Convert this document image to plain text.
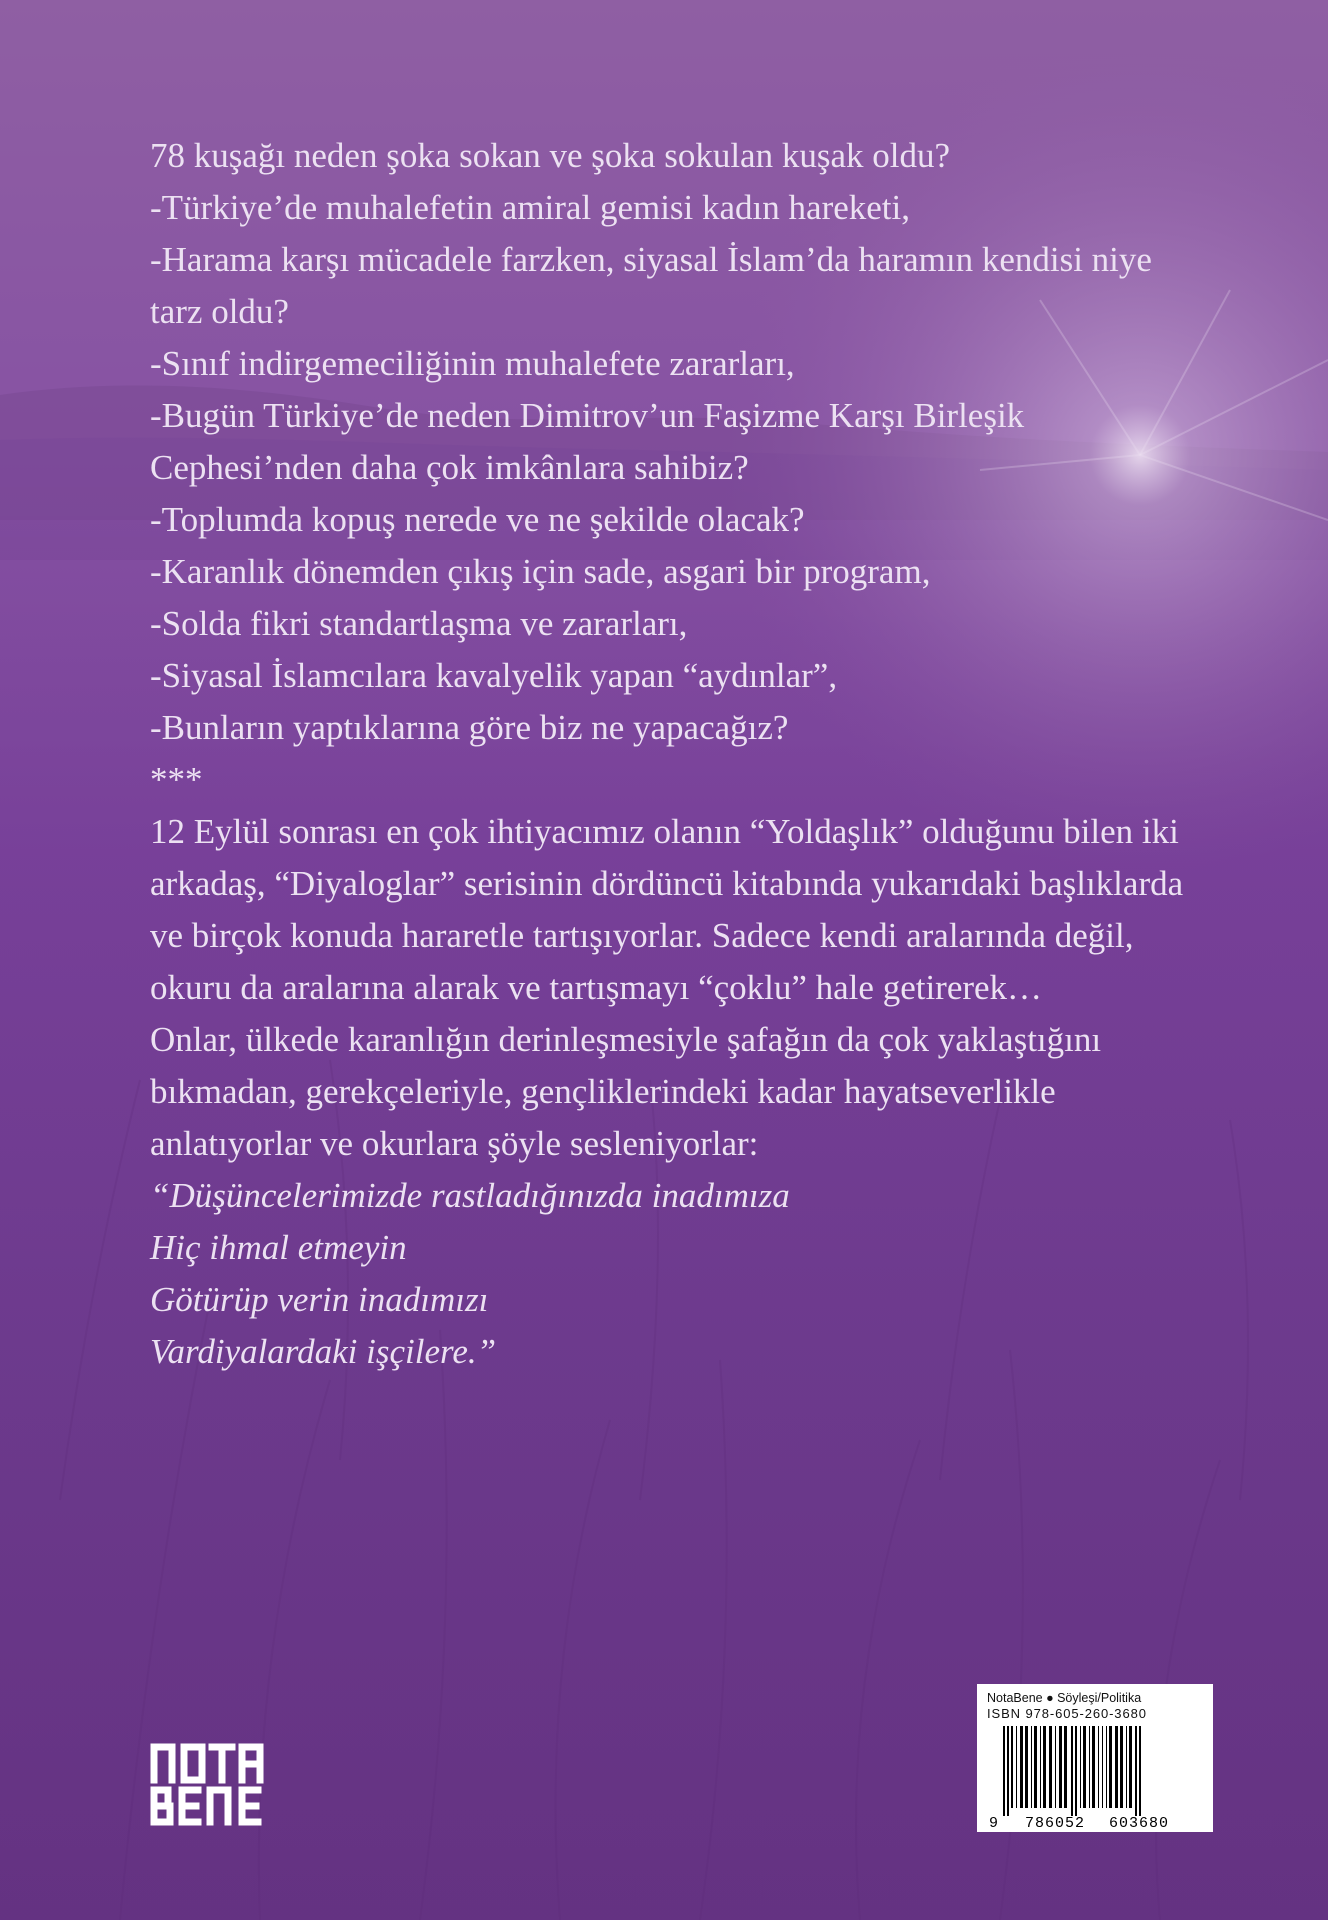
78 kuşağı neden şoka sokan ve şoka sokulan kuşak oldu?

-Türkiye’de muhalefetin amiral gemisi kadın hareketi,

-Harama karşı mücadele farzken, siyasal İslam’da haramın kendisi niye

tarz oldu?

-Sınıf indirgemeciliğinin muhalefete zararları,

-Bugün Türkiye’de neden Dimitrov’un Faşizme Karşı Birleşik

Cephesi’nden daha çok imkânlara sahibiz?

-Toplumda kopuş nerede ve ne şekilde olacak?

-Karanlık dönemden çıkış için sade, asgari bir program,

-Solda fikri standartlaşma ve zararları,

-Siyasal İslamcılara kavalyelik yapan “aydınlar”,

-Bunların yaptıklarına göre biz ne yapacağız?

***

12 Eylül sonrası en çok ihtiyacımız olanın “Yoldaşlık” olduğunu bilen iki

arkadaş, “Diyaloglar” serisinin dördüncü kitabında yukarıdaki başlıklarda

ve birçok konuda hararetle tartışıyorlar. Sadece kendi aralarında değil,

okuru da aralarına alarak ve tartışmayı “çoklu” hale getirerek…

Onlar, ülkede karanlığın derinleşmesiyle şafağın da çok yaklaştığını

bıkmadan, gerekçeleriyle, gençliklerindeki kadar hayatseverlikle

anlatıyorlar ve okurlara şöyle sesleniyorlar:

“Düşüncelerimizde rastladığınızda inadımıza

Hiç ihmal etmeyin

Götürüp verin inadımızı

Vardiyalardaki işçilere.”

NotaBene ● Söyleşi/Politika
ISBN 978-605-260-3680
9 786052 603680
